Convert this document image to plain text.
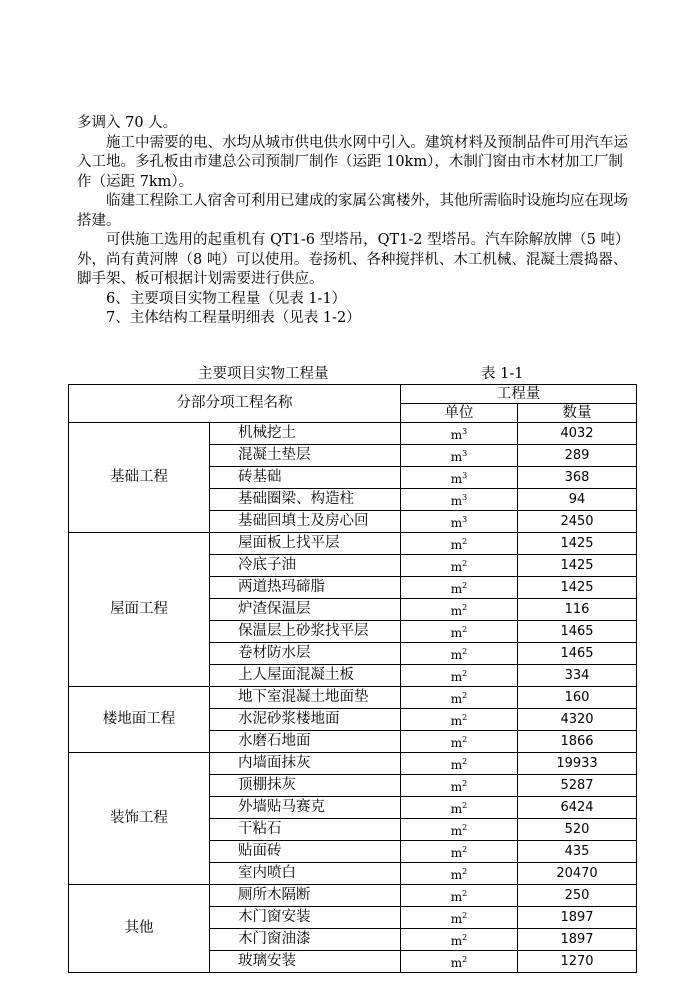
多调入 70 人。

施工中需要的电、水均从城市供电供水网中引入。建筑材料及预制品件可用汽车运入工地。多孔板由市建总公司预制厂制作（运距 10km），木制门窗由市木材加工厂制作（运距 7km）。

临建工程除工人宿舍可利用已建成的家属公寓楼外，其他所需临时设施均应在现场搭建。

可供施工选用的起重机有 QT1-6 型塔吊，QT1-2 型塔吊。汽车除解放牌（5 吨）外，尚有黄河牌（8 吨）可以使用。卷扬机、各种搅拌机、木工机械、混凝土震捣器、脚手架、板可根据计划需要进行供应。

6、主要项目实物工程量（见表 1-1）

7、主体结构工程量明细表（见表 1-2）

主要项目实物工程量	表 1-1
分部分项工程名称		工程量	
		单位	数量
基础工程	机械挖土	$m^3$	4032
	混凝土垫层	$m^3$	289
	砖基础	$m^3$	368
	基础圈梁、构造柱	$m^3$	94
	基础回填土及房心回	$m^3$	2450
屋面工程	屋面板上找平层	$m^2$	1425
	冷底子油	$m^2$	1425
	两道热玛碲脂	$m^2$	1425
	炉渣保温层	$m^2$	116
	保温层上砂浆找平层	$m^2$	1465
	卷材防水层	$m^2$	1465
	上人屋面混凝土板	$m^2$	334
楼地面工程	地下室混凝土地面垫	$m^2$	160
	水泥砂浆楼地面	$m^2$	4320
	水磨石地面	$m^2$	1866
装饰工程	内墙面抹灰	$m^2$	19933
	顶棚抹灰	$m^2$	5287
	外墙贴马赛克	$m^2$	6424
	干粘石	$m^2$	520
	贴面砖	$m^2$	435
	室内喷白	$m^2$	20470
其他	厕所木隔断	$m^2$	250
	木门窗安装	$m^2$	1897
	木门窗油漆	$m^2$	1897
	玻璃安装	$m^2$	1270
